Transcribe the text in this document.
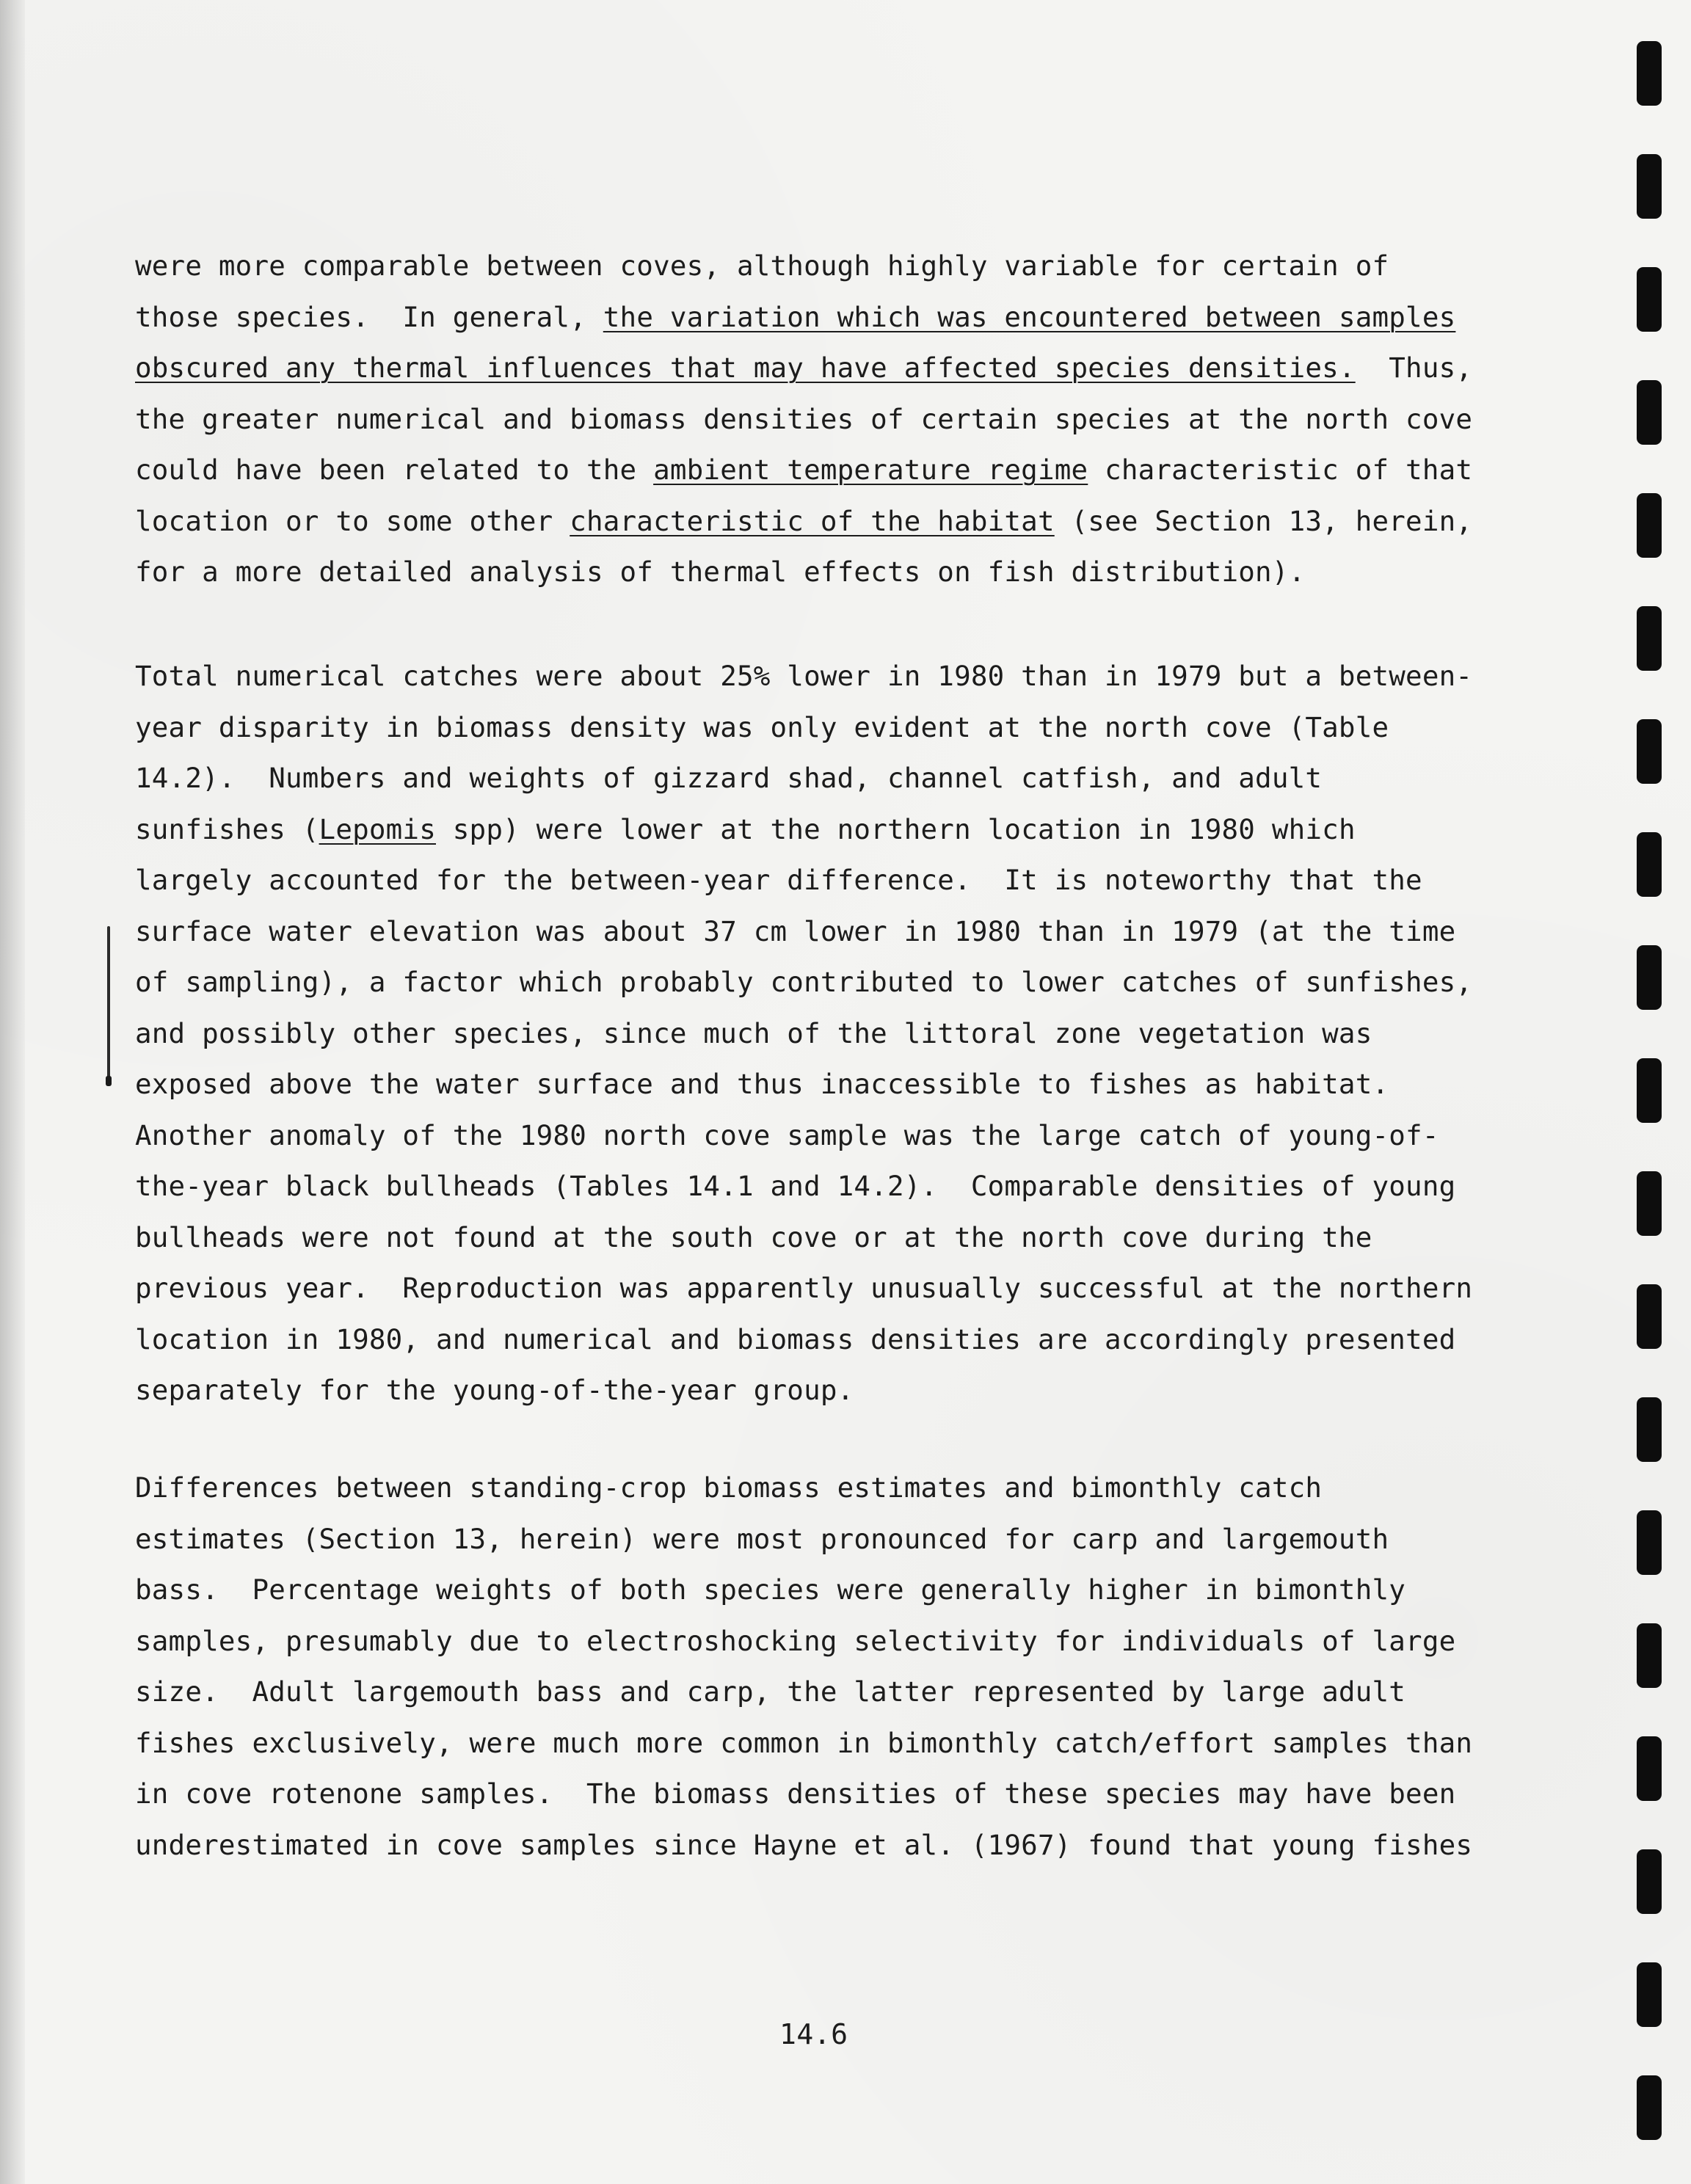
were more comparable between coves, although highly variable for certain of
those species.  In general, the variation which was encountered between samples
obscured any thermal influences that may have affected species densities.  Thus,
the greater numerical and biomass densities of certain species at the north cove
could have been related to the ambient temperature regime characteristic of that
location or to some other characteristic of the habitat (see Section 13, herein,
for a more detailed analysis of thermal effects on fish distribution).
Total numerical catches were about 25% lower in 1980 than in 1979 but a between-
year disparity in biomass density was only evident at the north cove (Table
14.2).  Numbers and weights of gizzard shad, channel catfish, and adult
sunfishes (Lepomis spp) were lower at the northern location in 1980 which
largely accounted for the between-year difference.  It is noteworthy that the
surface water elevation was about 37 cm lower in 1980 than in 1979 (at the time
of sampling), a factor which probably contributed to lower catches of sunfishes,
and possibly other species, since much of the littoral zone vegetation was
exposed above the water surface and thus inaccessible to fishes as habitat.
Another anomaly of the 1980 north cove sample was the large catch of young-of-
the-year black bullheads (Tables 14.1 and 14.2).  Comparable densities of young
bullheads were not found at the south cove or at the north cove during the
previous year.  Reproduction was apparently unusually successful at the northern
location in 1980, and numerical and biomass densities are accordingly presented
separately for the young-of-the-year group.
Differences between standing-crop biomass estimates and bimonthly catch
estimates (Section 13, herein) were most pronounced for carp and largemouth
bass.  Percentage weights of both species were generally higher in bimonthly
samples, presumably due to electroshocking selectivity for individuals of large
size.  Adult largemouth bass and carp, the latter represented by large adult
fishes exclusively, were much more common in bimonthly catch/effort samples than
in cove rotenone samples.  The biomass densities of these species may have been
underestimated in cove samples since Hayne et al. (1967) found that young fishes
14.6
